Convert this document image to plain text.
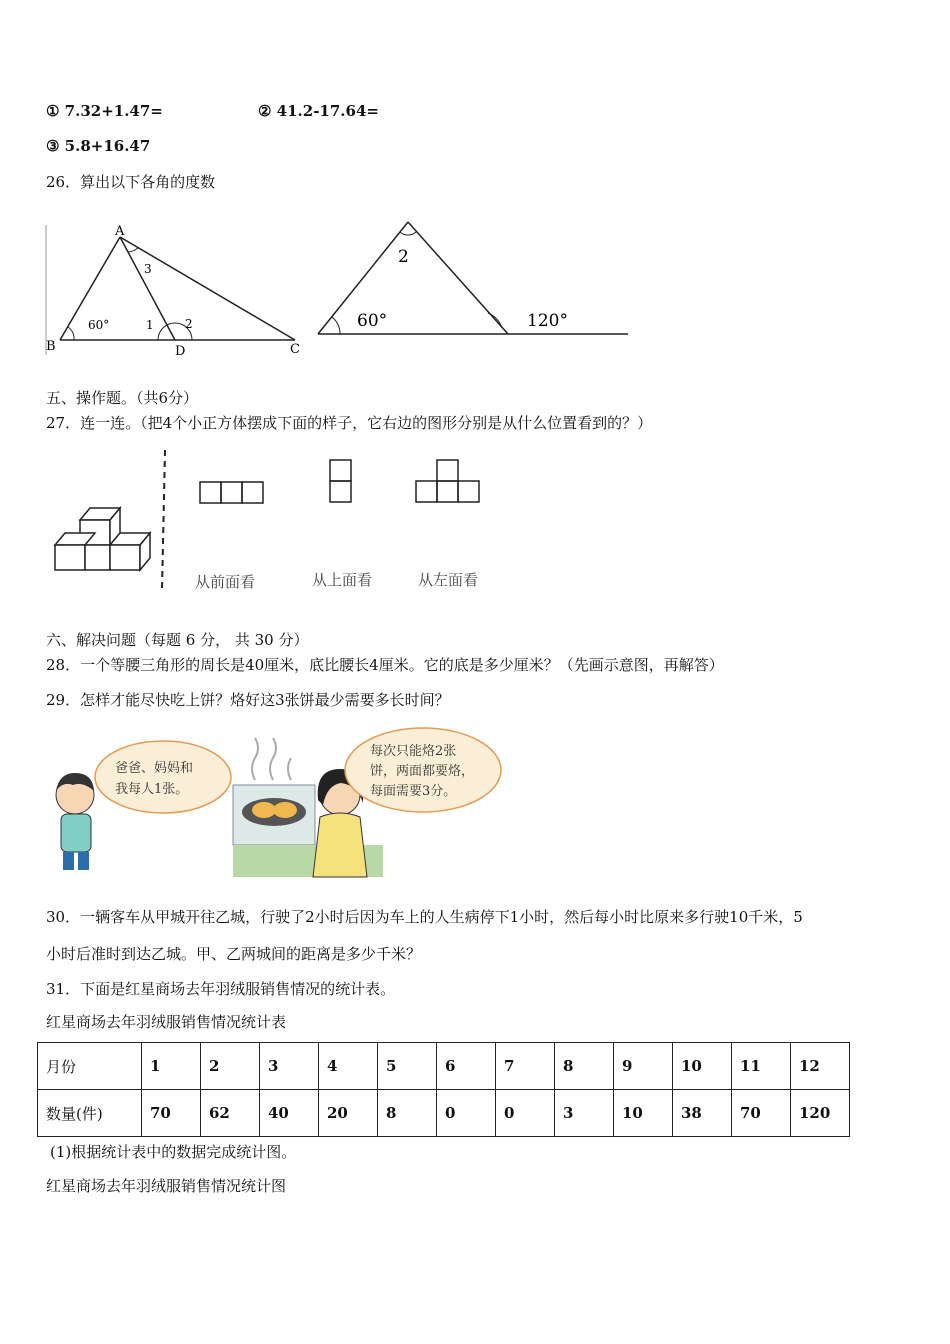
① 7.32+1.47=	② 41.2-17.64=
③ 5.8+16.47
26．算出以下各角的度数
A
B	C
D
60°	1	2
3
60°
2
120°
五、操作题。（共6分）
27．连一连。（把4个小正方体摆成下面的样子，它右边的图形分别是从什么位置看到的？）
从前面看	从上面看	从左面看
六、解决问题（每题 6 分， 共 30 分）
28．一个等腰三角形的周长是40厘米，底比腰长4厘米。它的底是多少厘米？（先画示意图，再解答）
29．怎样才能尽快吃上饼？烙好这3张饼最少需要多长时间？
爸爸、妈妈和
我每人1张。
每次只能烙2张
饼，两面都要烙，
每面需要3分。
30．一辆客车从甲城开往乙城，行驶了2小时后因为车上的人生病停下1小时，然后每小时比原来多行驶10千米，5
小时后准时到达乙城。甲、乙两城间的距离是多少千米？
31．下面是红星商场去年羽绒服销售情况的统计表。
红星商场去年羽绒服销售情况统计表
月份	1	2	3	4	5	6	7	8	9	10	11	12
数量(件)	70	62	40	20	8	0	0	3	10	38	70	120
(1)根据统计表中的数据完成统计图。
红星商场去年羽绒服销售情况统计图
